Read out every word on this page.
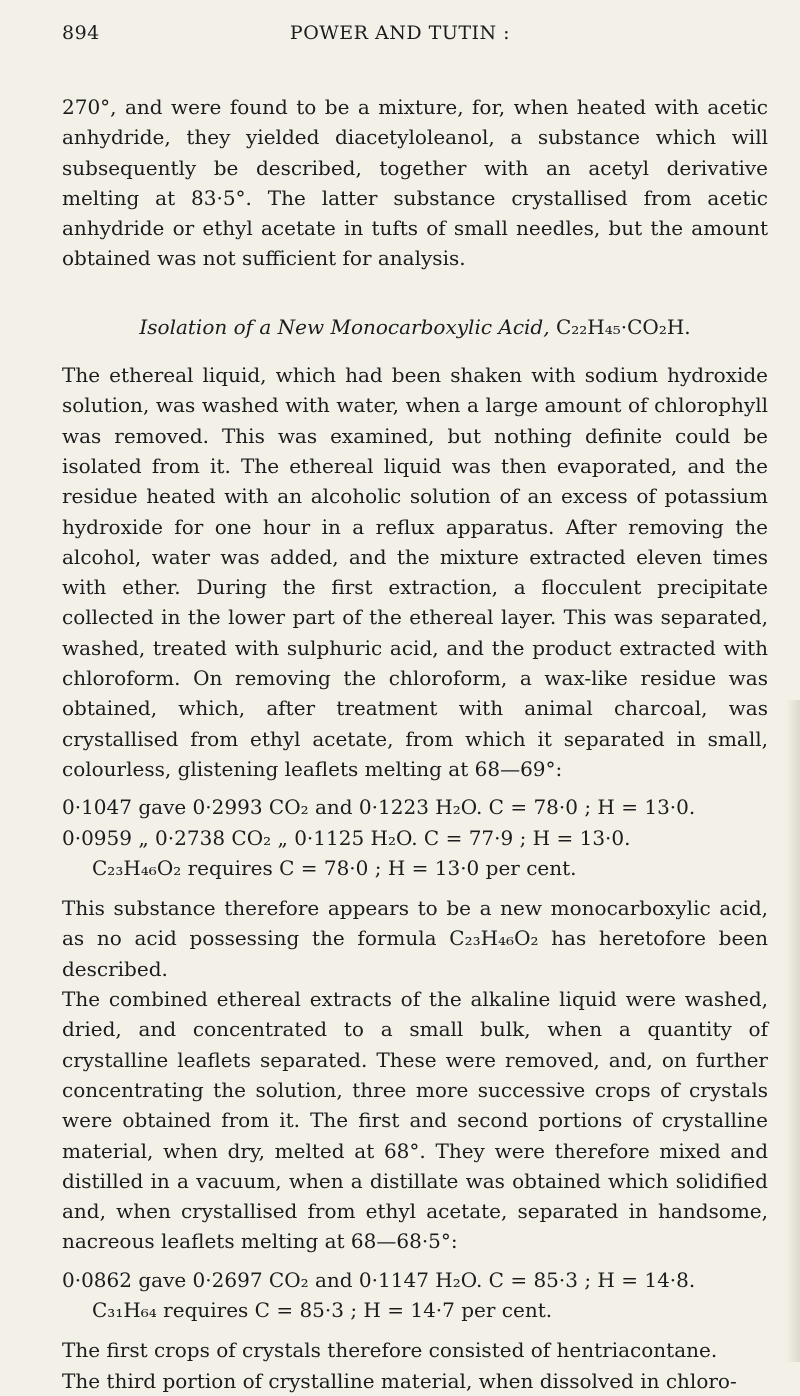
894	POWER AND TUTIN :

270°, and were found to be a mixture, for, when heated with acetic anhydride, they yielded diacetyloleanol, a substance which will subsequently be described, together with an acetyl derivative melting at 83·5°. The latter substance crystallised from acetic anhydride or ethyl acetate in tufts of small needles, but the amount obtained was not sufficient for analysis.

Isolation of a New Monocarboxylic Acid, C₂₂H₄₅·CO₂H.

The ethereal liquid, which had been shaken with sodium hydroxide solution, was washed with water, when a large amount of chlorophyll was removed. This was examined, but nothing definite could be isolated from it. The ethereal liquid was then evaporated, and the residue heated with an alcoholic solution of an excess of potassium hydroxide for one hour in a reflux apparatus. After removing the alcohol, water was added, and the mixture extracted eleven times with ether. During the first extraction, a flocculent precipitate collected in the lower part of the ethereal layer. This was separated, washed, treated with sulphuric acid, and the product extracted with chloroform. On removing the chloroform, a wax-like residue was obtained, which, after treatment with animal charcoal, was crystallised from ethyl acetate, from which it separated in small, colourless, glistening leaflets melting at 68—69°:

0·1047 gave 0·2993 CO₂ and 0·1223 H₂O. C = 78·0 ; H = 13·0.
0·0959 „ 0·2738 CO₂ „ 0·1125 H₂O. C = 77·9 ; H = 13·0.
C₂₃H₄₆O₂ requires C = 78·0 ; H = 13·0 per cent.

This substance therefore appears to be a new monocarboxylic acid, as no acid possessing the formula C₂₃H₄₆O₂ has heretofore been described.

The combined ethereal extracts of the alkaline liquid were washed, dried, and concentrated to a small bulk, when a quantity of crystalline leaflets separated. These were removed, and, on further concentrating the solution, three more successive crops of crystals were obtained from it. The first and second portions of crystalline material, when dry, melted at 68°. They were therefore mixed and distilled in a vacuum, when a distillate was obtained which solidified and, when crystallised from ethyl acetate, separated in handsome, nacreous leaflets melting at 68—68·5°:

0·0862 gave 0·2697 CO₂ and 0·1147 H₂O. C = 85·3 ; H = 14·8.
C₃₁H₆₄ requires C = 85·3 ; H = 14·7 per cent.

The first crops of crystals therefore consisted of hentriacontane.

The third portion of crystalline material, when dissolved in chloro-
